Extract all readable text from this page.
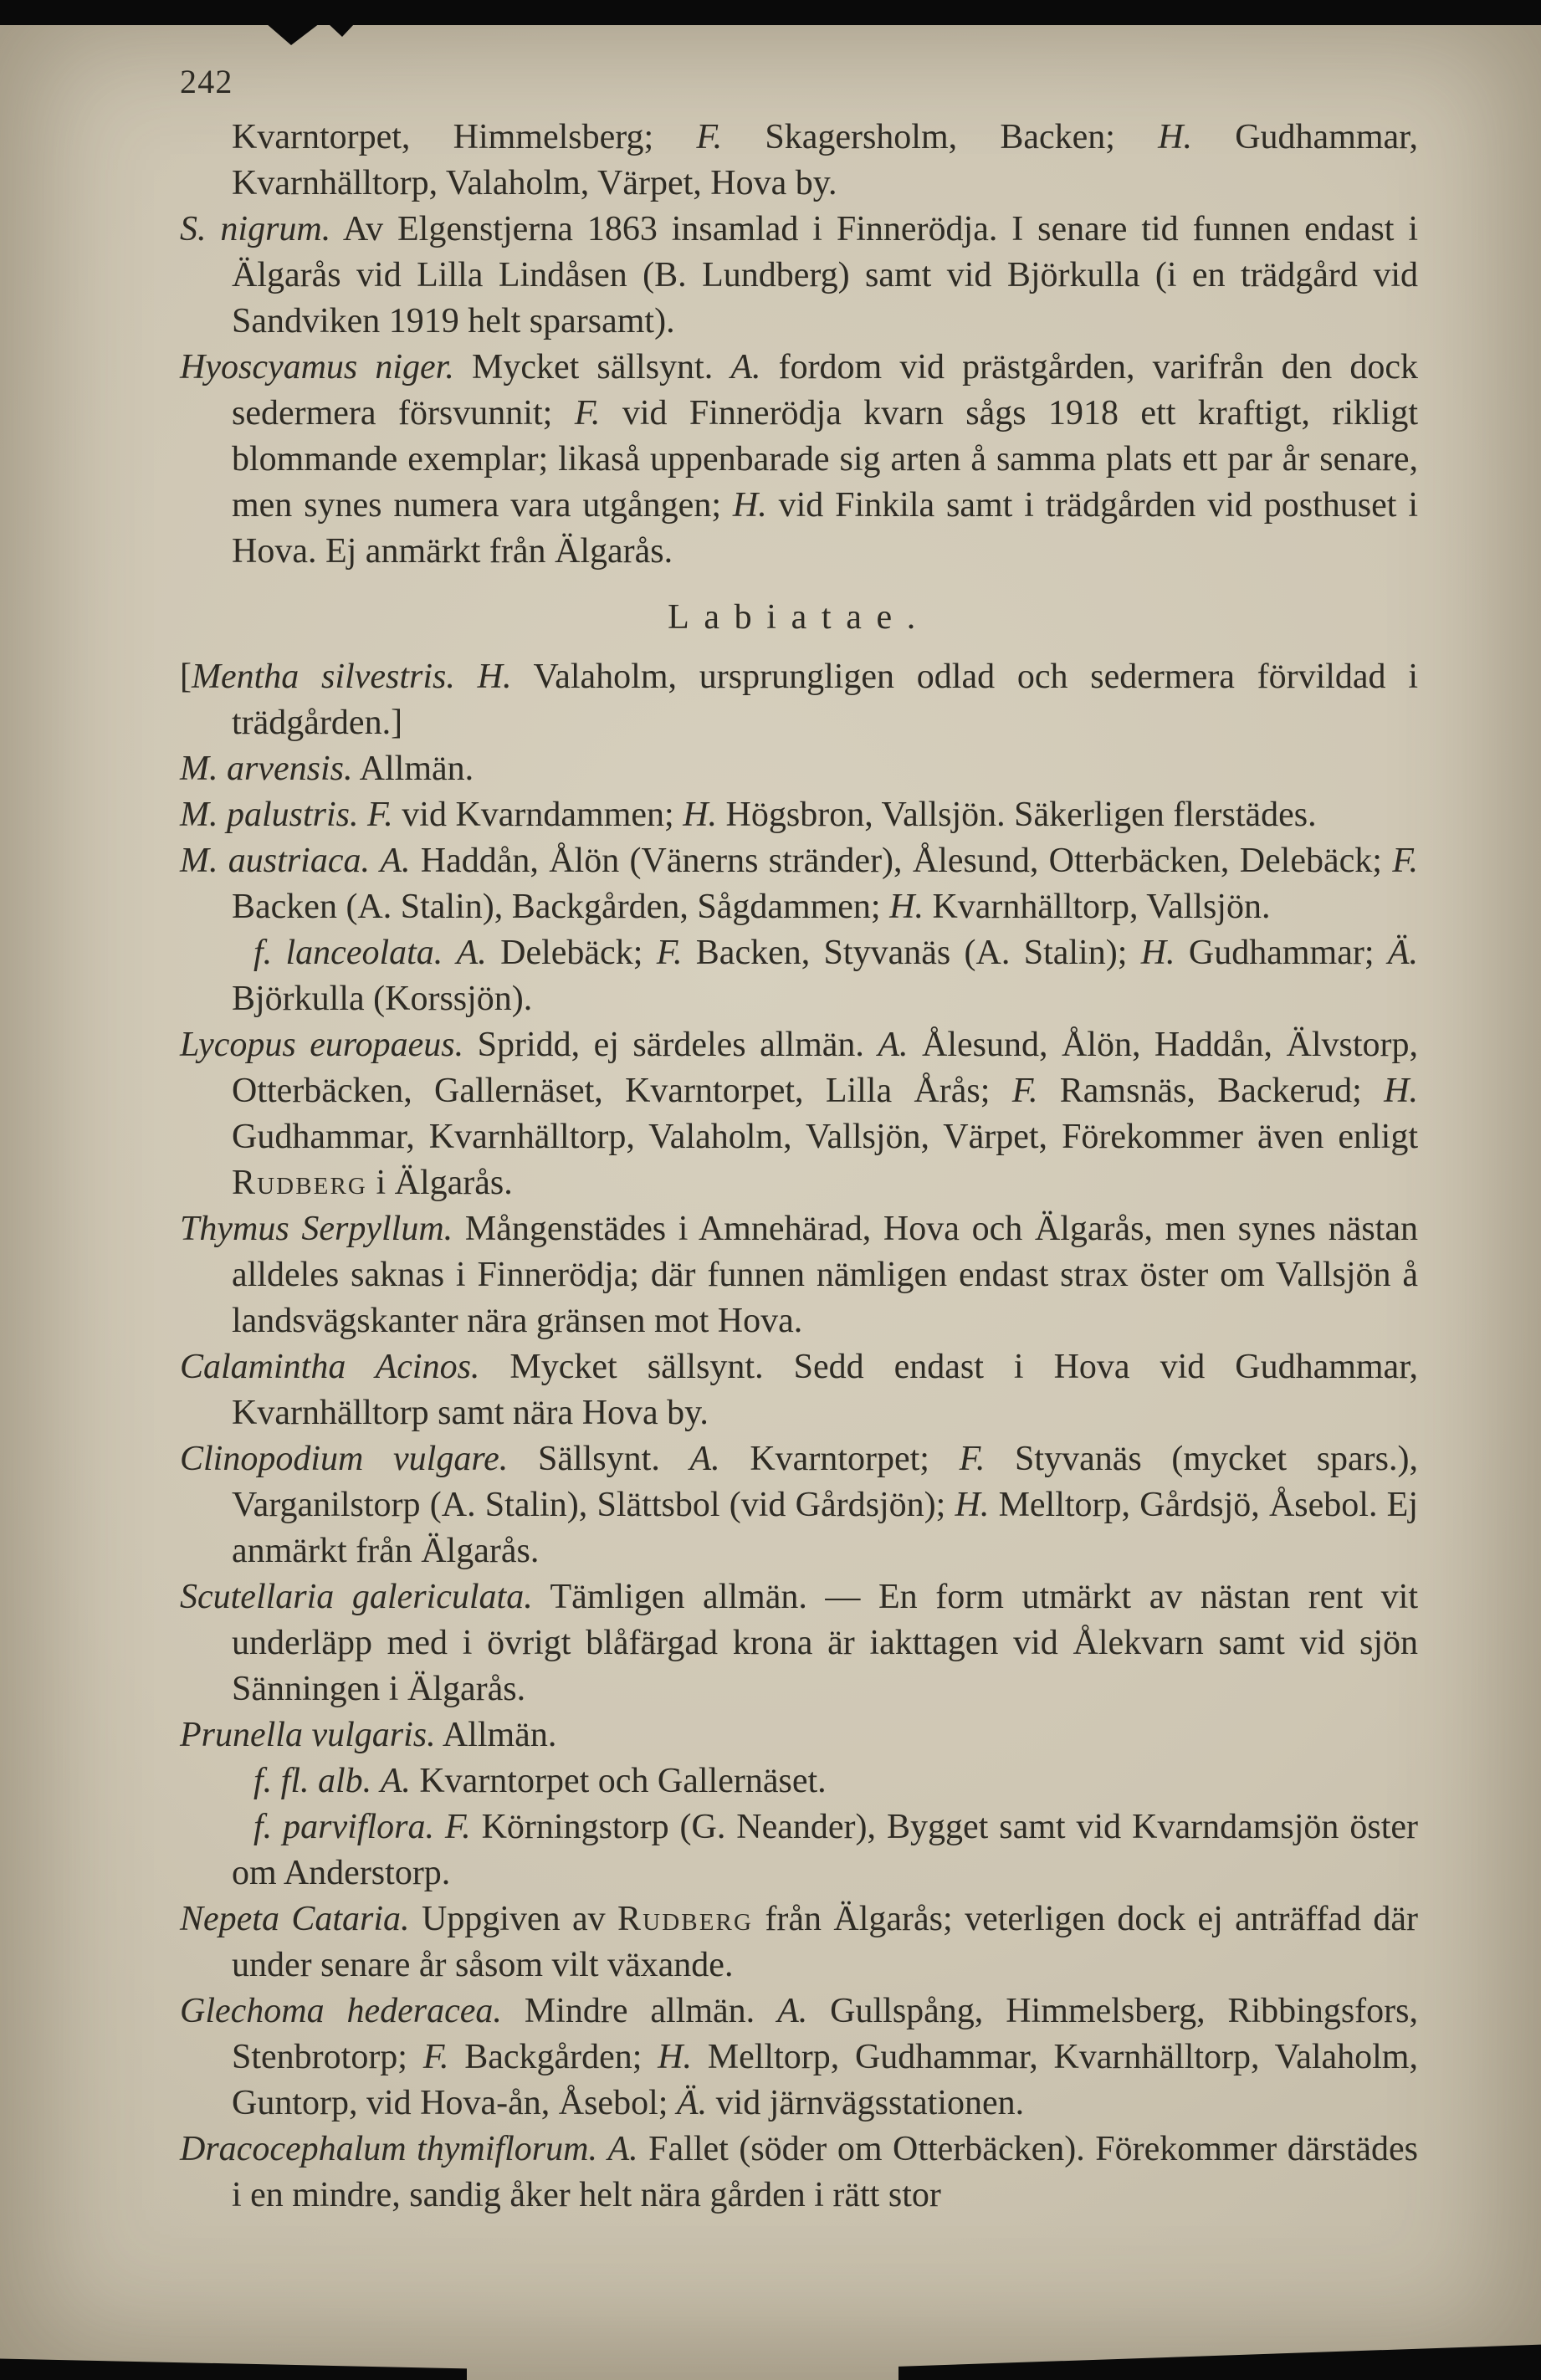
242

Kvarntorpet, Himmelsberg; F. Skagersholm, Backen; H. Gudhammar, Kvarnhälltorp, Valaholm, Värpet, Hova by.

S. nigrum. Av Elgenstjerna 1863 insamlad i Finnerödja. I senare tid funnen endast i Älgarås vid Lilla Lindåsen (B. Lundberg) samt vid Björkulla (i en trädgård vid Sandviken 1919 helt sparsamt).

Hyoscyamus niger. Mycket sällsynt. A. fordom vid prästgården, varifrån den dock sedermera försvunnit; F. vid Finnerödja kvarn sågs 1918 ett kraftigt, rikligt blommande exemplar; likaså uppenbarade sig arten å samma plats ett par år senare, men synes numera vara utgången; H. vid Finkila samt i trädgården vid posthuset i Hova. Ej anmärkt från Älgarås.

Labiatae.

[Mentha silvestris. H. Valaholm, ursprungligen odlad och sedermera förvildad i trädgården.]

M. arvensis. Allmän.

M. palustris. F. vid Kvarndammen; H. Högsbron, Vallsjön. Säkerligen flerstädes.

M. austriaca. A. Haddån, Ålön (Vänerns stränder), Ålesund, Otterbäcken, Delebäck; F. Backen (A. Stalin), Backgården, Sågdammen; H. Kvarnhälltorp, Vallsjön.

f. lanceolata. A. Delebäck; F. Backen, Styvanäs (A. Stalin); H. Gudhammar; Ä. Björkulla (Korssjön).

Lycopus europaeus. Spridd, ej särdeles allmän. A. Ålesund, Ålön, Haddån, Älvstorp, Otterbäcken, Gallernäset, Kvarntorpet, Lilla Årås; F. Ramsnäs, Backerud; H. Gudhammar, Kvarnhälltorp, Valaholm, Vallsjön, Värpet, Förekommer även enligt Rudberg i Älgarås.

Thymus Serpyllum. Mångenstädes i Amnehärad, Hova och Älgarås, men synes nästan alldeles saknas i Finnerödja; där funnen nämligen endast strax öster om Vallsjön å landsvägskanter nära gränsen mot Hova.

Calamintha Acinos. Mycket sällsynt. Sedd endast i Hova vid Gudhammar, Kvarnhälltorp samt nära Hova by.

Clinopodium vulgare. Sällsynt. A. Kvarntorpet; F. Styvanäs (mycket spars.), Varganilstorp (A. Stalin), Slättsbol (vid Gårdsjön); H. Melltorp, Gårdsjö, Åsebol. Ej anmärkt från Älgarås.

Scutellaria galericulata. Tämligen allmän. — En form utmärkt av nästan rent vit underläpp med i övrigt blåfärgad krona är iakttagen vid Ålekvarn samt vid sjön Sänningen i Älgarås.

Prunella vulgaris. Allmän.

f. fl. alb. A. Kvarntorpet och Gallernäset.

f. parviflora. F. Körningstorp (G. Neander), Bygget samt vid Kvarndamsjön öster om Anderstorp.

Nepeta Cataria. Uppgiven av Rudberg från Älgarås; veterligen dock ej anträffad där under senare år såsom vilt växande.

Glechoma hederacea. Mindre allmän. A. Gullspång, Himmelsberg, Ribbingsfors, Stenbrotorp; F. Backgården; H. Melltorp, Gudhammar, Kvarnhälltorp, Valaholm, Guntorp, vid Hova-ån, Åsebol; Ä. vid järnvägsstationen.

Dracocephalum thymiflorum. A. Fallet (söder om Otterbäcken). Förekommer därstädes i en mindre, sandig åker helt nära gården i rätt stor
